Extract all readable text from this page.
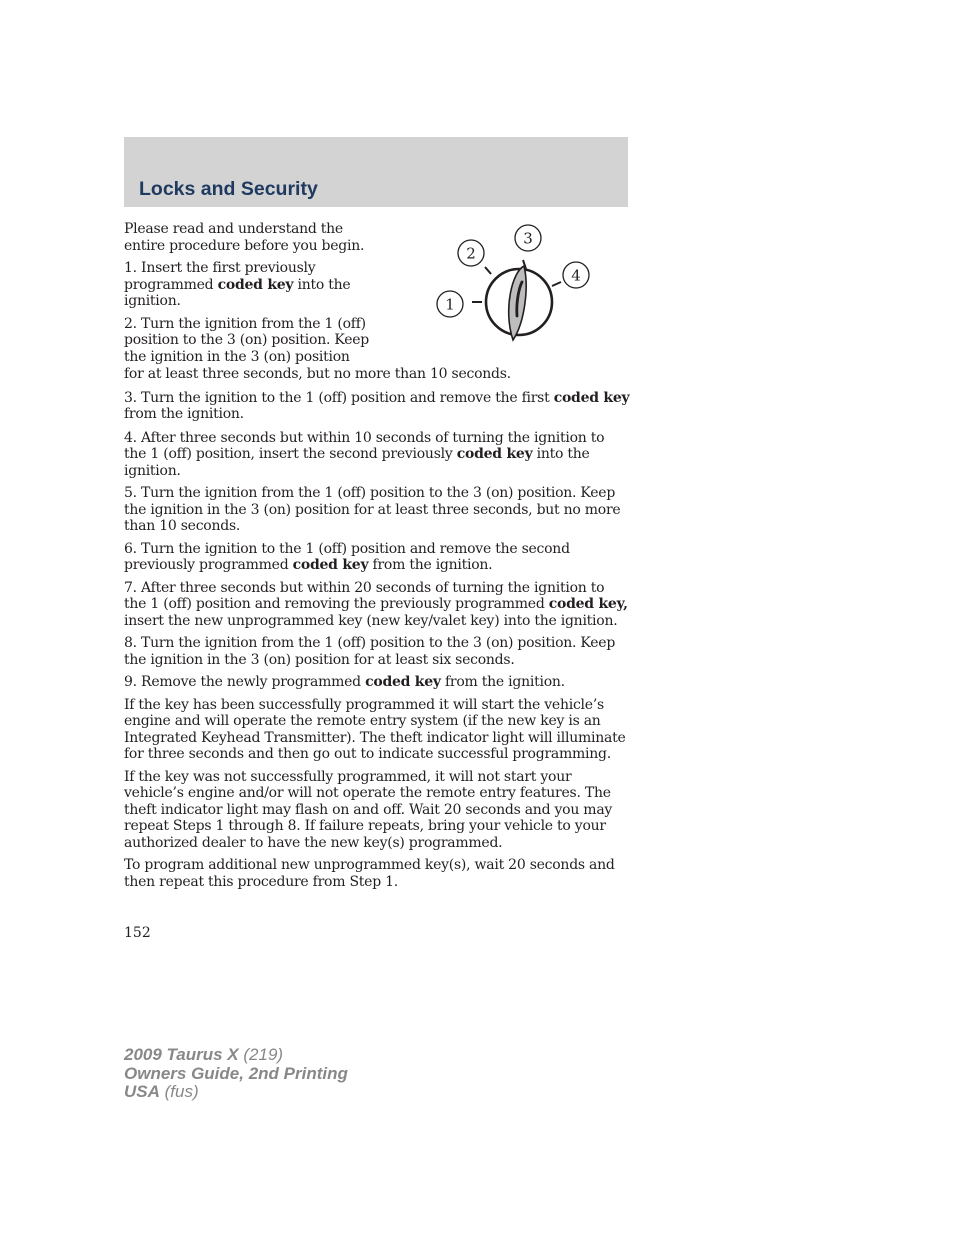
Locks and Security
1
2
3
4

Please read and understand the
entire procedure before you begin.

1. Insert the first previously programmed coded key into the ignition.

2. Turn the ignition from the 1 (off) position to the 3 (on) position. Keep the ignition in the 3 (on) position

for at least three seconds, but no more than 10 seconds.

3. Turn the ignition to the 1 (off) position and remove the first coded key from the ignition.

4. After three seconds but within 10 seconds of turning the ignition to the 1 (off) position, insert the second previously coded key into the ignition.

5. Turn the ignition from the 1 (off) position to the 3 (on) position. Keep the ignition in the 3 (on) position for at least three seconds, but no more than 10 seconds.

6. Turn the ignition to the 1 (off) position and remove the second previously programmed coded key from the ignition.

7. After three seconds but within 20 seconds of turning the ignition to the 1 (off) position and removing the previously programmed coded key, insert the new unprogrammed key (new key/valet key) into the ignition.

8. Turn the ignition from the 1 (off) position to the 3 (on) position. Keep the ignition in the 3 (on) position for at least six seconds.

9. Remove the newly programmed coded key from the ignition.

If the key has been successfully programmed it will start the vehicle’s engine and will operate the remote entry system (if the new key is an Integrated Keyhead Transmitter). The theft indicator light will illuminate for three seconds and then go out to indicate successful programming.

If the key was not successfully programmed, it will not start your vehicle’s engine and/or will not operate the remote entry features. The theft indicator light may flash on and off. Wait 20 seconds and you may repeat Steps 1 through 8. If failure repeats, bring your vehicle to your authorized dealer to have the new key(s) programmed.

To program additional new unprogrammed key(s), wait 20 seconds and then repeat this procedure from Step 1.

152
2009 Taurus X (219)
Owners Guide, 2nd Printing
USA (fus)
